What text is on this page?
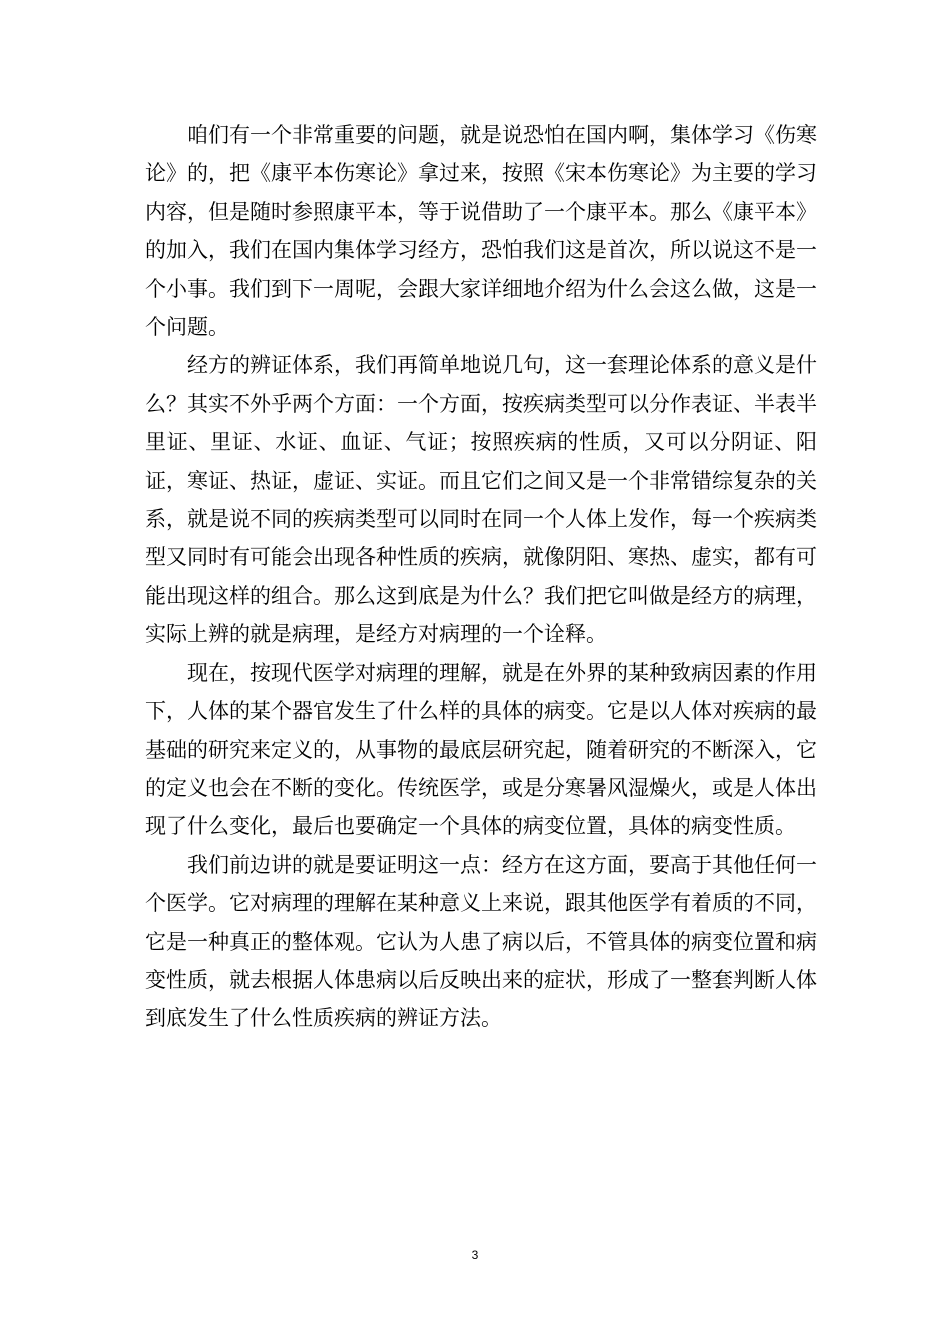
咱们有一个非常重要的问题，就是说恐怕在国内啊，集体学习《伤寒论》的，把《康平本伤寒论》拿过来，按照《宋本伤寒论》为主要的学习内容，但是随时参照康平本，等于说借助了一个康平本。那么《康平本》的加入，我们在国内集体学习经方，恐怕我们这是首次，所以说这不是一个小事。我们到下一周呢，会跟大家详细地介绍为什么会这么做，这是一个问题。

经方的辨证体系，我们再简单地说几句，这一套理论体系的意义是什么？其实不外乎两个方面：一个方面，按疾病类型可以分作表证、半表半里证、里证、水证、血证、气证；按照疾病的性质，又可以分阴证、阳证，寒证、热证，虚证、实证。而且它们之间又是一个非常错综复杂的关系，就是说不同的疾病类型可以同时在同一个人体上发作，每一个疾病类型又同时有可能会出现各种性质的疾病，就像阴阳、寒热、虚实，都有可能出现这样的组合。那么这到底是为什么？我们把它叫做是经方的病理，实际上辨的就是病理，是经方对病理的一个诠释。

现在，按现代医学对病理的理解，就是在外界的某种致病因素的作用下，人体的某个器官发生了什么样的具体的病变。它是以人体对疾病的最基础的研究来定义的，从事物的最底层研究起，随着研究的不断深入，它的定义也会在不断的变化。传统医学，或是分寒暑风湿燥火，或是人体出现了什么变化，最后也要确定一个具体的病变位置，具体的病变性质。

我们前边讲的就是要证明这一点：经方在这方面，要高于其他任何一个医学。它对病理的理解在某种意义上来说，跟其他医学有着质的不同，它是一种真正的整体观。它认为人患了病以后，不管具体的病变位置和病变性质，就去根据人体患病以后反映出来的症状，形成了一整套判断人体到底发生了什么性质疾病的辨证方法。

3
